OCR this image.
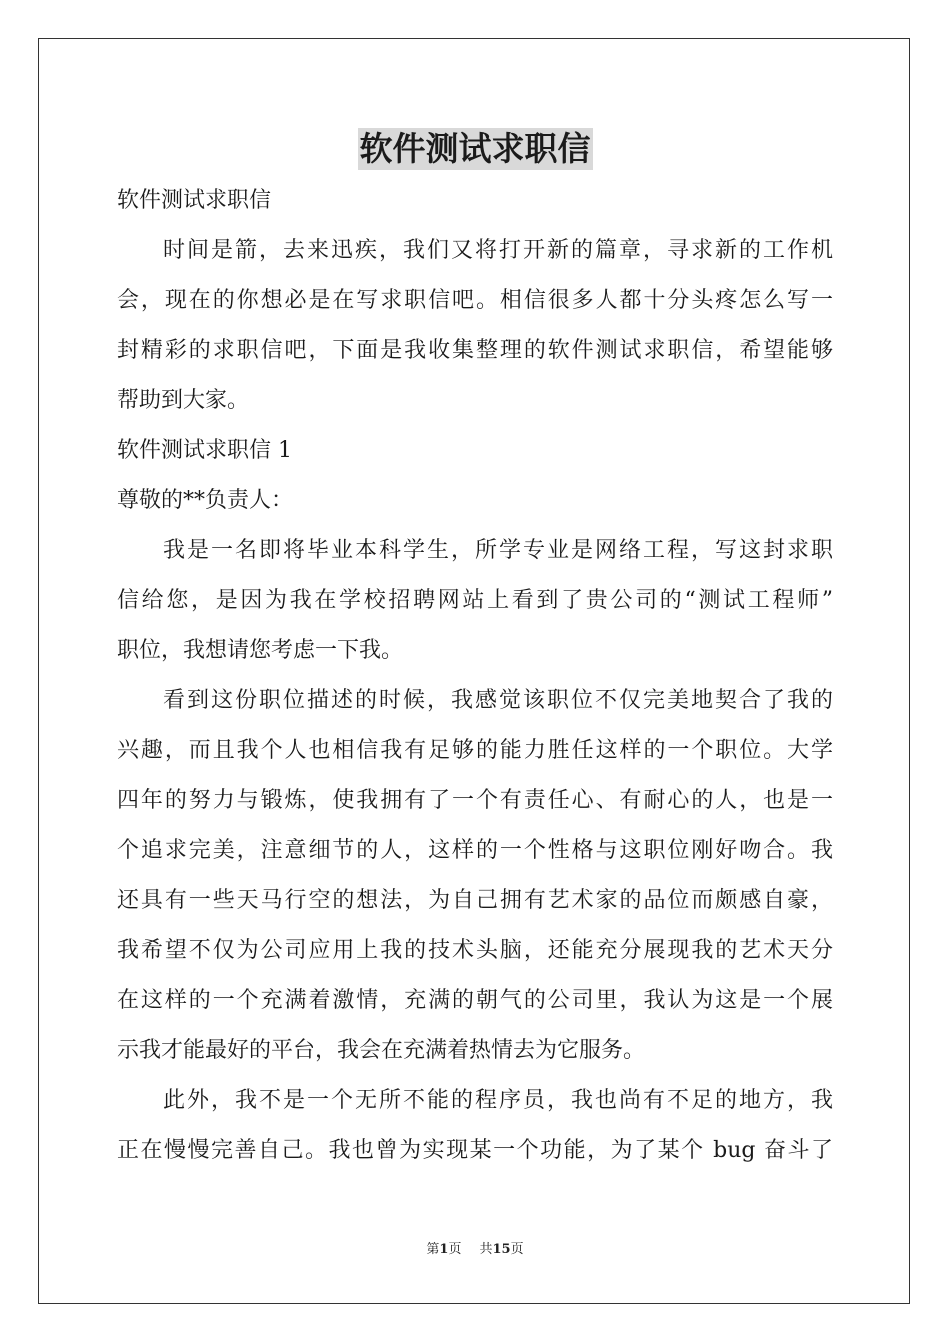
软件测试求职信
软件测试求职信
时间是箭，去来迅疾，我们又将打开新的篇章，寻求新的工作机
会，现在的你想必是在写求职信吧。相信很多人都十分头疼怎么写一
封精彩的求职信吧，下面是我收集整理的软件测试求职信，希望能够
帮助到大家。
软件测试求职信 1
尊敬的**负责人：
我是一名即将毕业本科学生，所学专业是网络工程，写这封求职
信给您，是因为我在学校招聘网站上看到了贵公司的“测试工程师”
职位，我想请您考虑一下我。
看到这份职位描述的时候，我感觉该职位不仅完美地契合了我的
兴趣，而且我个人也相信我有足够的能力胜任这样的一个职位。大学
四年的努力与锻炼，使我拥有了一个有责任心、有耐心的人，也是一
个追求完美，注意细节的人，这样的一个性格与这职位刚好吻合。我
还具有一些天马行空的想法，为自己拥有艺术家的品位而颇感自豪，
我希望不仅为公司应用上我的技术头脑，还能充分展现我的艺术天分
在这样的一个充满着激情，充满的朝气的公司里，我认为这是一个展
示我才能最好的平台，我会在充满着热情去为它服务。
此外，我不是一个无所不能的程序员，我也尚有不足的地方，我
正在慢慢完善自己。我也曾为实现某一个功能，为了某个 bug 奋斗了
第1页 共15页
